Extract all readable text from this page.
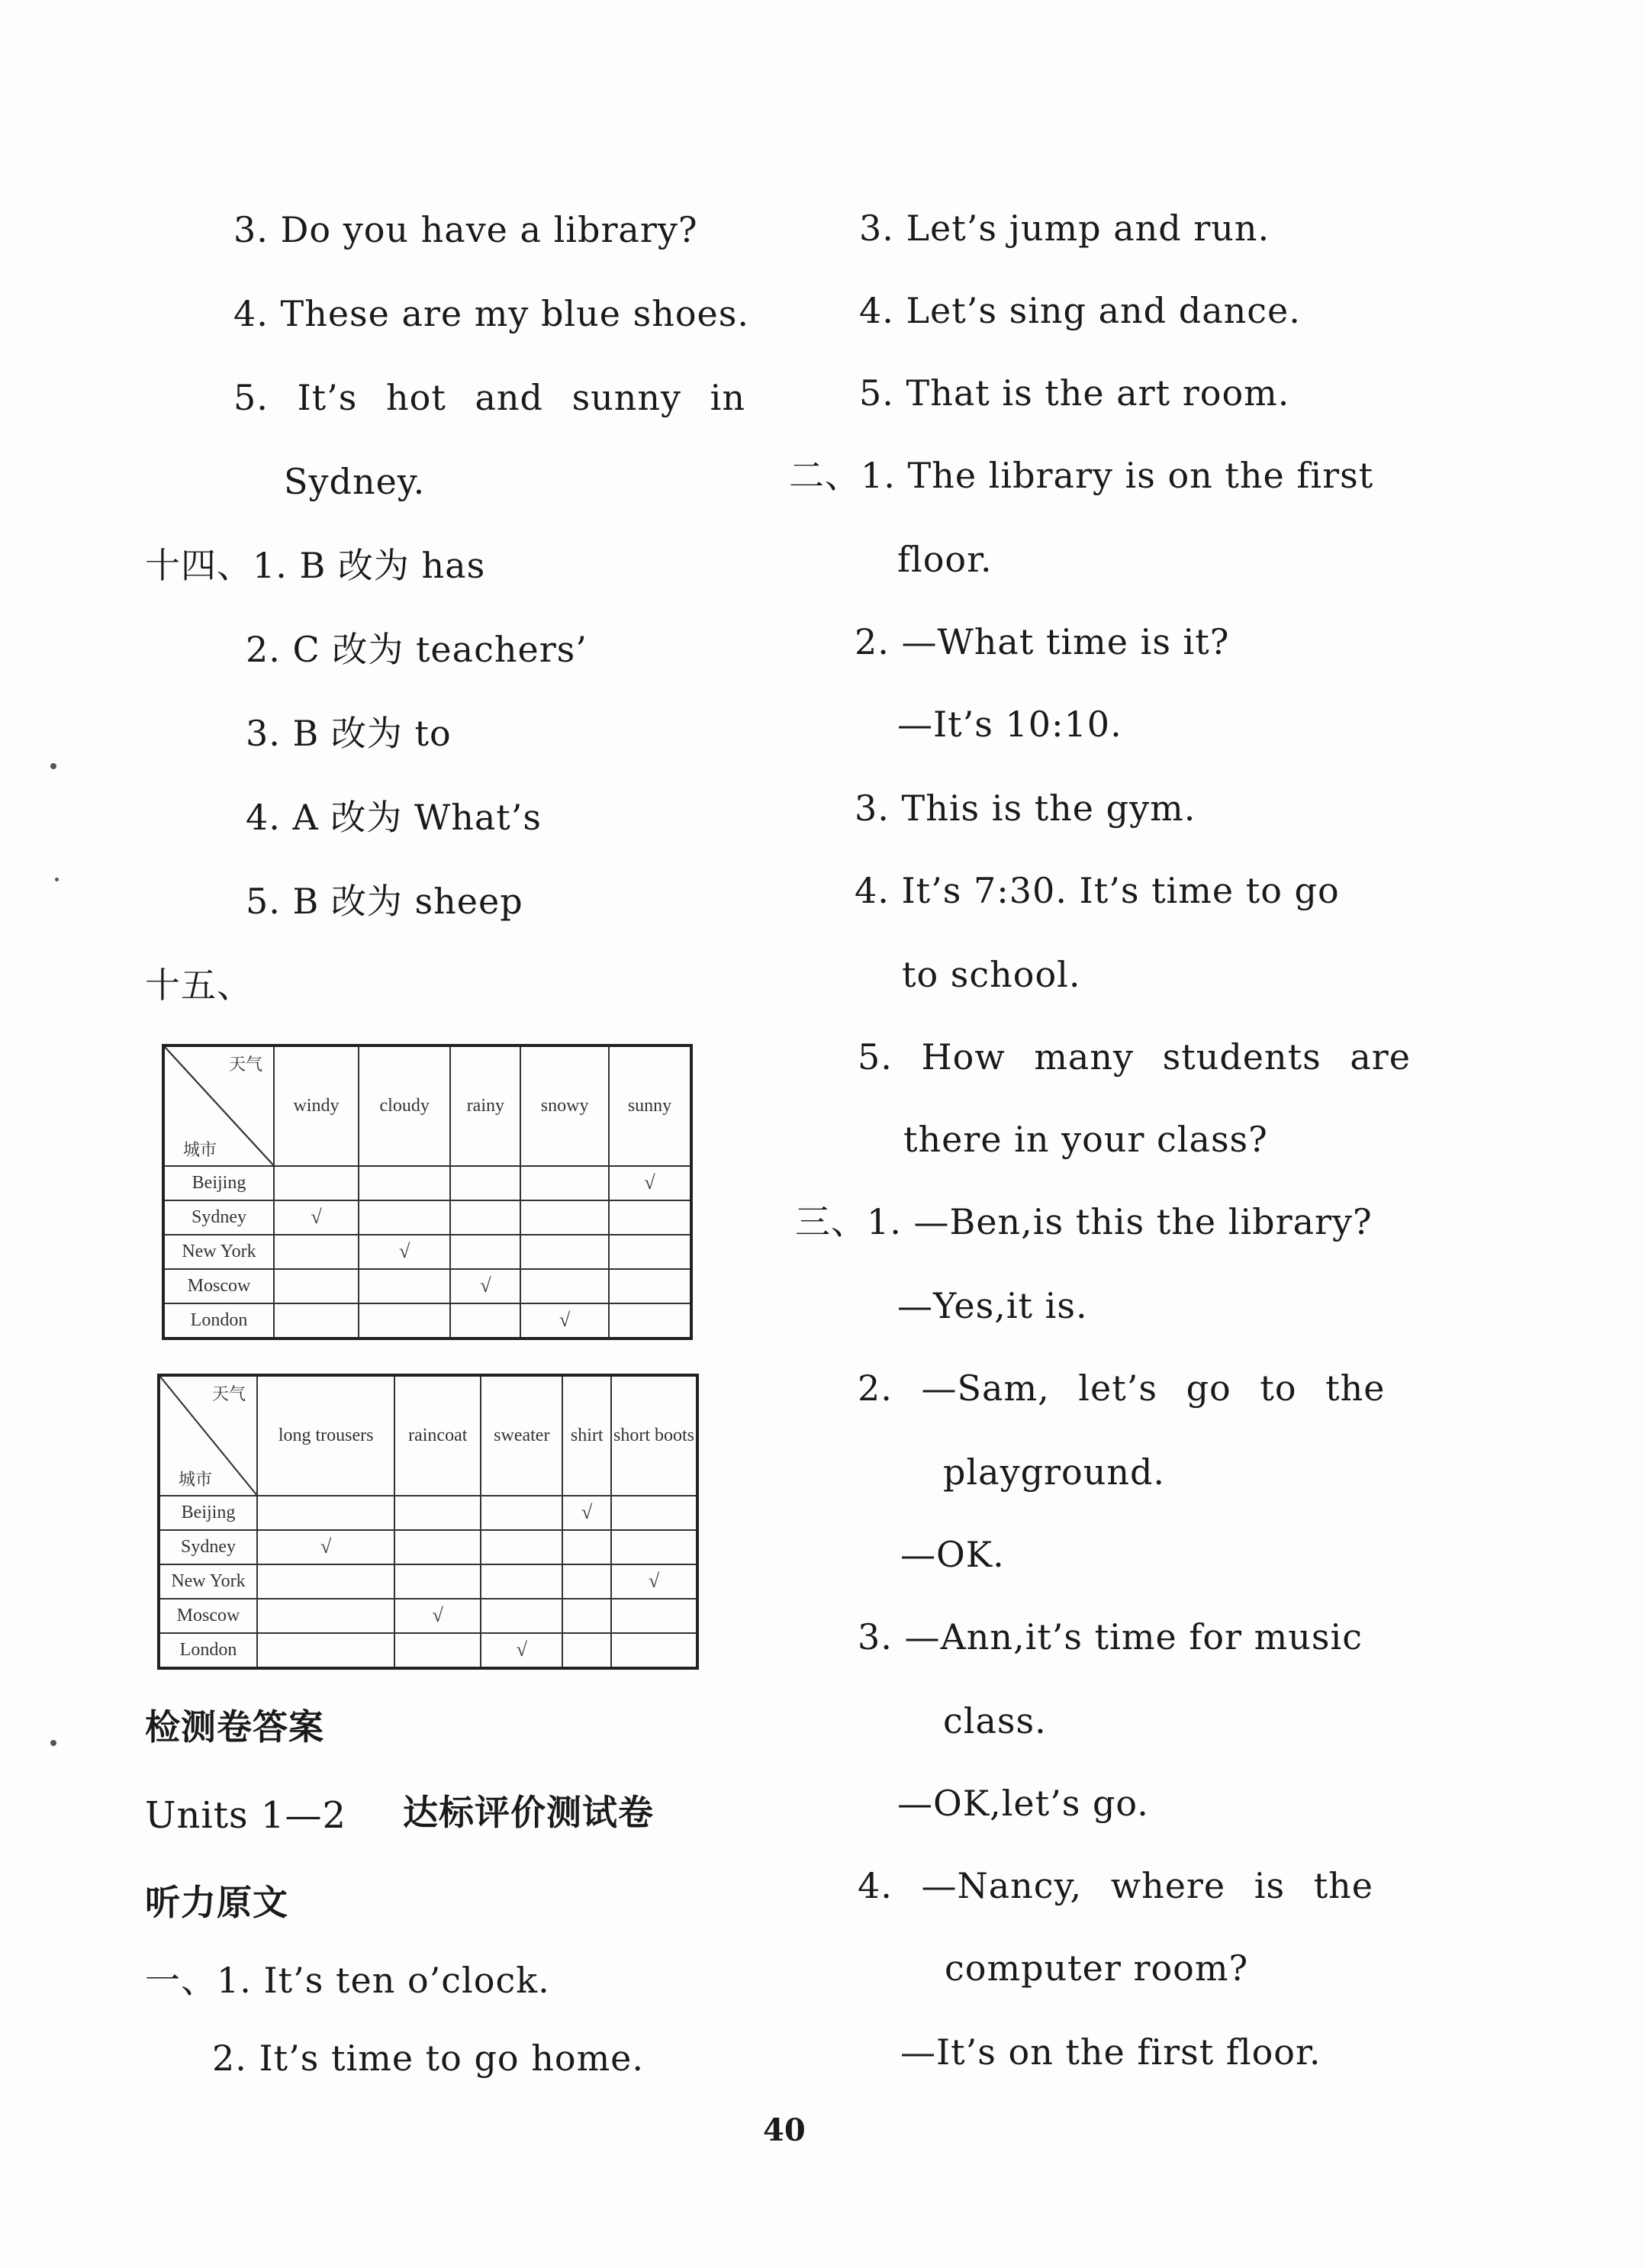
3. Do you have a library?
4. These are my blue shoes.
5. It’s hot and sunny in
Sydney.
十四、1. B 改为 has
2. C 改为 teachers’
3. B 改为 to
4. A 改为 What’s
5. B 改为 sheep
十五、
天气
城市	windy	cloudy	rainy	snowy	sunny
Beijing					√
Sydney	√				
New York		√			
Moscow			√		
London				√	
天气
城市	long trousers	raincoat	sweater	shirt	short boots
Beijing				√	
Sydney	√				
New York					√
Moscow		√			
London			√		
检测卷答案
Units 1—2 达标评价测试卷
听力原文
一、1. It’s ten o’clock.
2. It’s time to go home.
3. Let’s jump and run.
4. Let’s sing and dance.
5. That is the art room.
二、1. The library is on the first
floor.
2. —What time is it?
—It’s 10:10.
3. This is the gym.
4. It’s 7:30. It’s time to go
to school.
5. How many students are
there in your class?
三、1. —Ben,is this the library?
—Yes,it is.
2. —Sam, let’s go to the
playground.
—OK.
3. —Ann,it’s time for music
class.
—OK,let’s go.
4. —Nancy, where is the
computer room?
—It’s on the first floor.
40
